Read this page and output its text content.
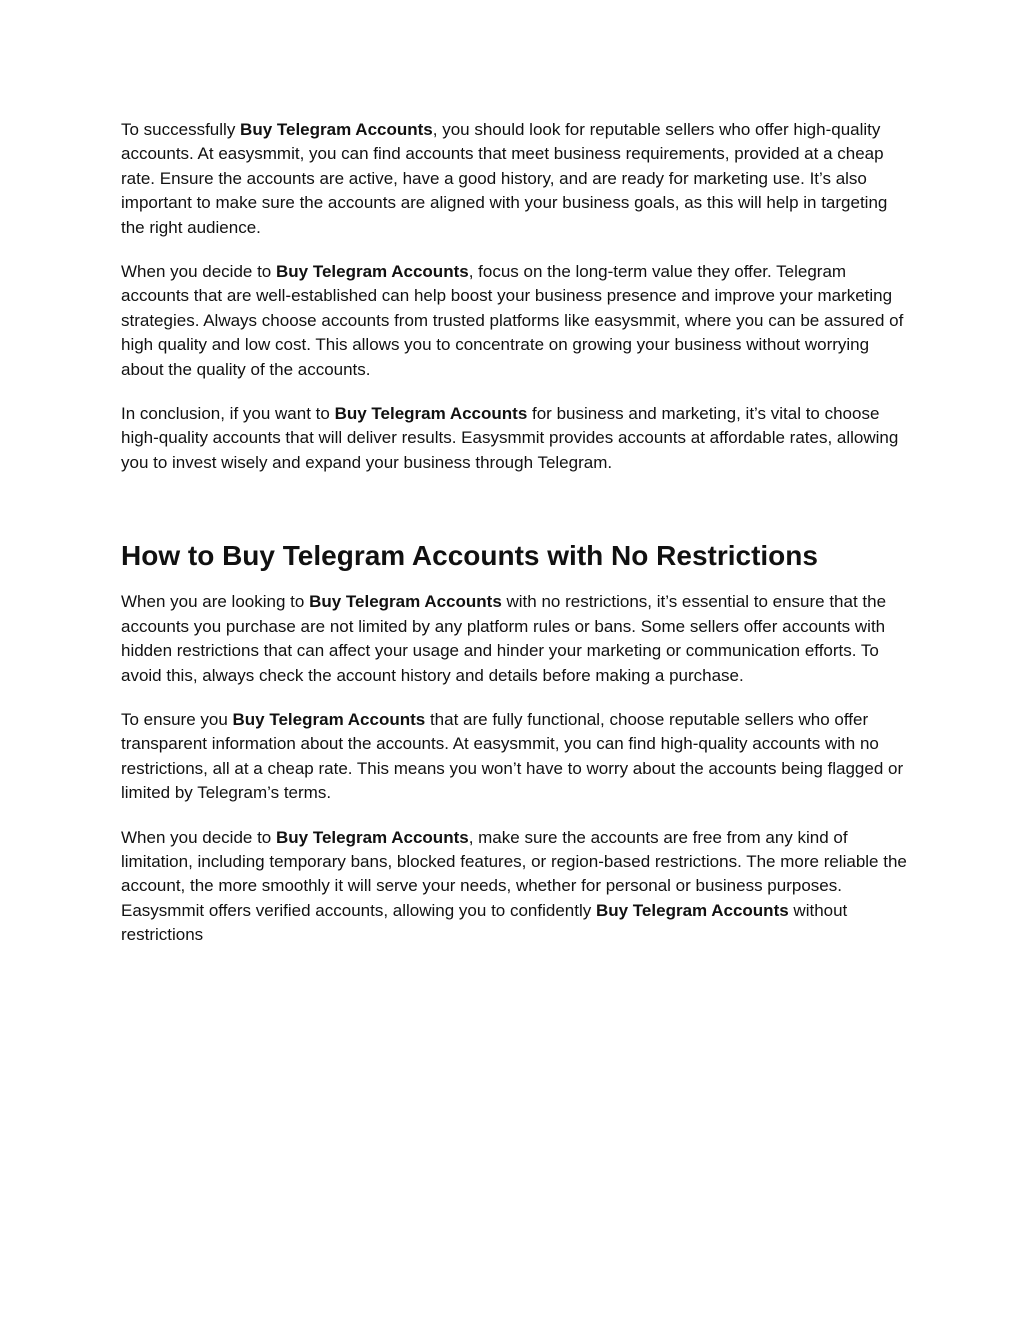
To successfully Buy Telegram Accounts, you should look for reputable sellers who offer high-quality accounts. At easysmmit, you can find accounts that meet business requirements, provided at a cheap rate. Ensure the accounts are active, have a good history, and are ready for marketing use. It’s also important to make sure the accounts are aligned with your business goals, as this will help in targeting the right audience.

When you decide to Buy Telegram Accounts, focus on the long-term value they offer. Telegram accounts that are well-established can help boost your business presence and improve your marketing strategies. Always choose accounts from trusted platforms like easysmmit, where you can be assured of high quality and low cost. This allows you to concentrate on growing your business without worrying about the quality of the accounts.

In conclusion, if you want to Buy Telegram Accounts for business and marketing, it’s vital to choose high-quality accounts that will deliver results. Easysmmit provides accounts at affordable rates, allowing you to invest wisely and expand your business through Telegram.

How to Buy Telegram Accounts with No Restrictions

When you are looking to Buy Telegram Accounts with no restrictions, it’s essential to ensure that the accounts you purchase are not limited by any platform rules or bans. Some sellers offer accounts with hidden restrictions that can affect your usage and hinder your marketing or communication efforts. To avoid this, always check the account history and details before making a purchase.

To ensure you Buy Telegram Accounts that are fully functional, choose reputable sellers who offer transparent information about the accounts. At easysmmit, you can find high-quality accounts with no restrictions, all at a cheap rate. This means you won’t have to worry about the accounts being flagged or limited by Telegram’s terms.

When you decide to Buy Telegram Accounts, make sure the accounts are free from any kind of limitation, including temporary bans, blocked features, or region-based restrictions. The more reliable the account, the more smoothly it will serve your needs, whether for personal or business purposes. Easysmmit offers verified accounts, allowing you to confidently Buy Telegram Accounts without restrictions
